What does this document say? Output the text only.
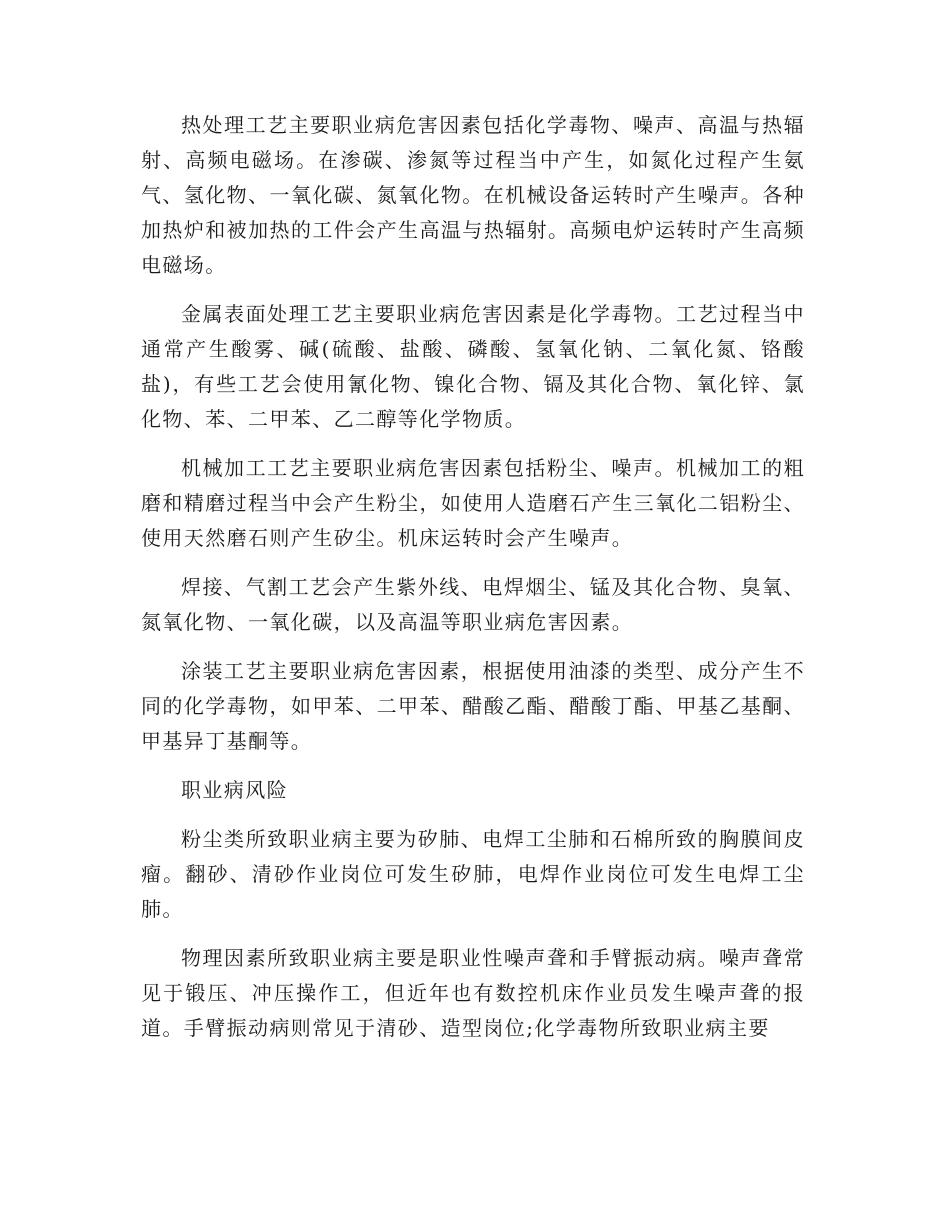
热处理工艺主要职业病危害因素包括化学毒物、噪声、高温与热辐射、高频电磁场。在渗碳、渗氮等过程当中产生，如氮化过程产生氨气、氢化物、一氧化碳、氮氧化物。在机械设备运转时产生噪声。各种加热炉和被加热的工件会产生高温与热辐射。高频电炉运转时产生高频电磁场。

金属表面处理工艺主要职业病危害因素是化学毒物。工艺过程当中通常产生酸雾、碱(硫酸、盐酸、磷酸、氢氧化钠、二氧化氮、铬酸盐)，有些工艺会使用氰化物、镍化合物、镉及其化合物、氧化锌、氯化物、苯、二甲苯、乙二醇等化学物质。

机械加工工艺主要职业病危害因素包括粉尘、噪声。机械加工的粗磨和精磨过程当中会产生粉尘，如使用人造磨石产生三氧化二铝粉尘、使用天然磨石则产生矽尘。机床运转时会产生噪声。

焊接、气割工艺会产生紫外线、电焊烟尘、锰及其化合物、臭氧、氮氧化物、一氧化碳，以及高温等职业病危害因素。

涂装工艺主要职业病危害因素，根据使用油漆的类型、成分产生不同的化学毒物，如甲苯、二甲苯、醋酸乙酯、醋酸丁酯、甲基乙基酮、甲基异丁基酮等。

职业病风险

粉尘类所致职业病主要为矽肺、电焊工尘肺和石棉所致的胸膜间皮瘤。翻砂、清砂作业岗位可发生矽肺，电焊作业岗位可发生电焊工尘肺。

物理因素所致职业病主要是职业性噪声聋和手臂振动病。噪声聋常见于锻压、冲压操作工，但近年也有数控机床作业员发生噪声聋的报道。手臂振动病则常见于清砂、造型岗位;化学毒物所致职业病主要
